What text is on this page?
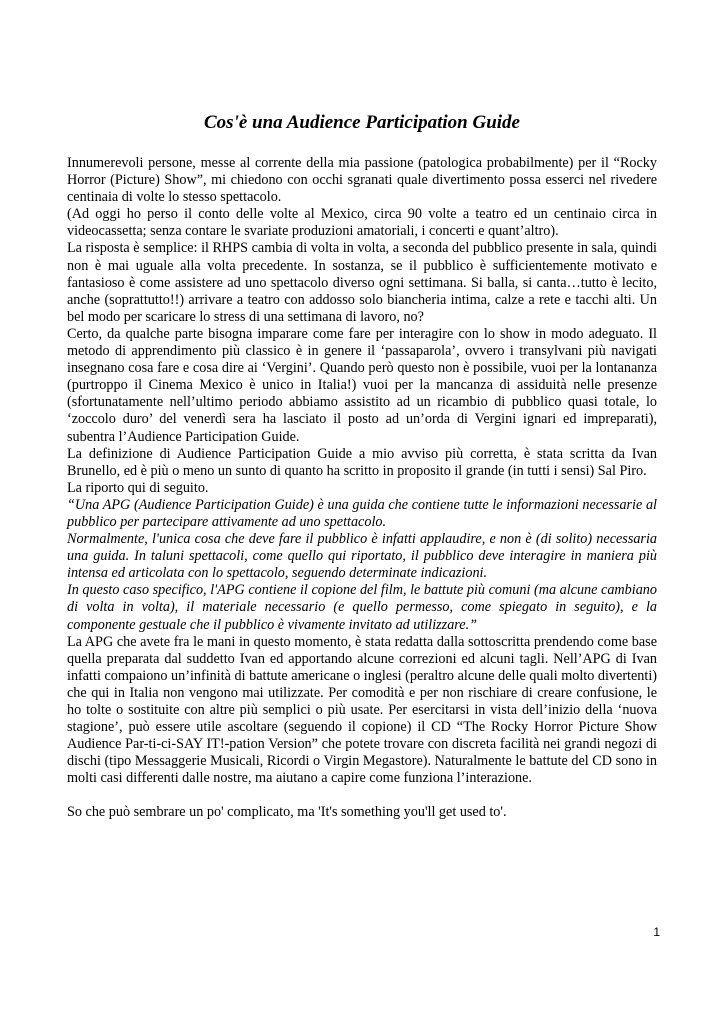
Cos'è una Audience Participation Guide

Innumerevoli persone, messe al corrente della mia passione (patologica probabilmente) per il “Rocky Horror (Picture) Show”, mi chiedono con occhi sgranati quale divertimento possa esserci nel rivedere centinaia di volte lo stesso spettacolo.

(Ad oggi ho perso il conto delle volte al Mexico, circa 90 volte a teatro ed un centinaio circa in videocassetta; senza contare le svariate produzioni amatoriali, i concerti e quant’altro).

La risposta è semplice: il RHPS cambia di volta in volta, a seconda del pubblico presente in sala, quindi non è mai uguale alla volta precedente. In sostanza, se il pubblico è sufficientemente motivato e fantasioso è come assistere ad uno spettacolo diverso ogni settimana. Si balla, si canta…tutto è lecito, anche (soprattutto!!) arrivare a teatro con addosso solo biancheria intima, calze a rete e tacchi alti. Un bel modo per scaricare lo stress di una settimana di lavoro, no?

Certo, da qualche parte bisogna imparare come fare per interagire con lo show in modo adeguato. Il metodo di apprendimento più classico è in genere il ‘passaparola’, ovvero i transylvani più navigati insegnano cosa fare e cosa dire ai ‘Vergini’. Quando però questo non è possibile, vuoi per la lontananza (purtroppo il Cinema Mexico è unico in Italia!) vuoi per la mancanza di assiduità nelle presenze (sfortunatamente nell’ultimo periodo abbiamo assistito ad un ricambio di pubblico quasi totale, lo ‘zoccolo duro’ del venerdì sera ha lasciato il posto ad un’orda di Vergini ignari ed impreparati), subentra l’Audience Participation Guide.

La definizione di Audience Participation Guide a mio avviso più corretta, è stata scritta da Ivan Brunello, ed è più o meno un sunto di quanto ha scritto in proposito il grande (in tutti i sensi) Sal Piro.

La riporto qui di seguito.

“Una APG (Audience Participation Guide) è una guida che contiene tutte le informazioni necessarie al pubblico per partecipare attivamente ad uno spettacolo.

Normalmente, l'unica cosa che deve fare il pubblico è infatti applaudire, e non è (di solito) necessaria una guida. In taluni spettacoli, come quello qui riportato, il pubblico deve interagire in maniera più intensa ed articolata con lo spettacolo, seguendo determinate indicazioni.

In questo caso specifico, l'APG contiene il copione del film, le battute più comuni (ma alcune cambiano di volta in volta), il materiale necessario (e quello permesso, come spiegato in seguito), e la componente gestuale che il pubblico è vivamente invitato ad utilizzare.”

La APG che avete fra le mani in questo momento, è stata redatta dalla sottoscritta prendendo come base quella preparata dal suddetto Ivan ed apportando alcune correzioni ed alcuni tagli. Nell’APG di Ivan infatti compaiono un’infinità di battute americane o inglesi (peraltro alcune delle quali molto divertenti) che qui in Italia non vengono mai utilizzate. Per comodità e per non rischiare di creare confusione, le ho tolte o sostituite con altre più semplici o più usate. Per esercitarsi in vista dell’inizio della ‘nuova stagione’, può essere utile ascoltare (seguendo il copione) il CD “The Rocky Horror Picture Show Audience Par-ti-ci-SAY IT!-pation Version” che potete trovare con discreta facilità nei grandi negozi di dischi (tipo Messaggerie Musicali, Ricordi o Virgin Megastore). Naturalmente le battute del CD sono in molti casi differenti dalle nostre, ma aiutano a capire come funziona l’interazione.

So che può sembrare un po' complicato, ma 'It's something you'll get used to'.

1
